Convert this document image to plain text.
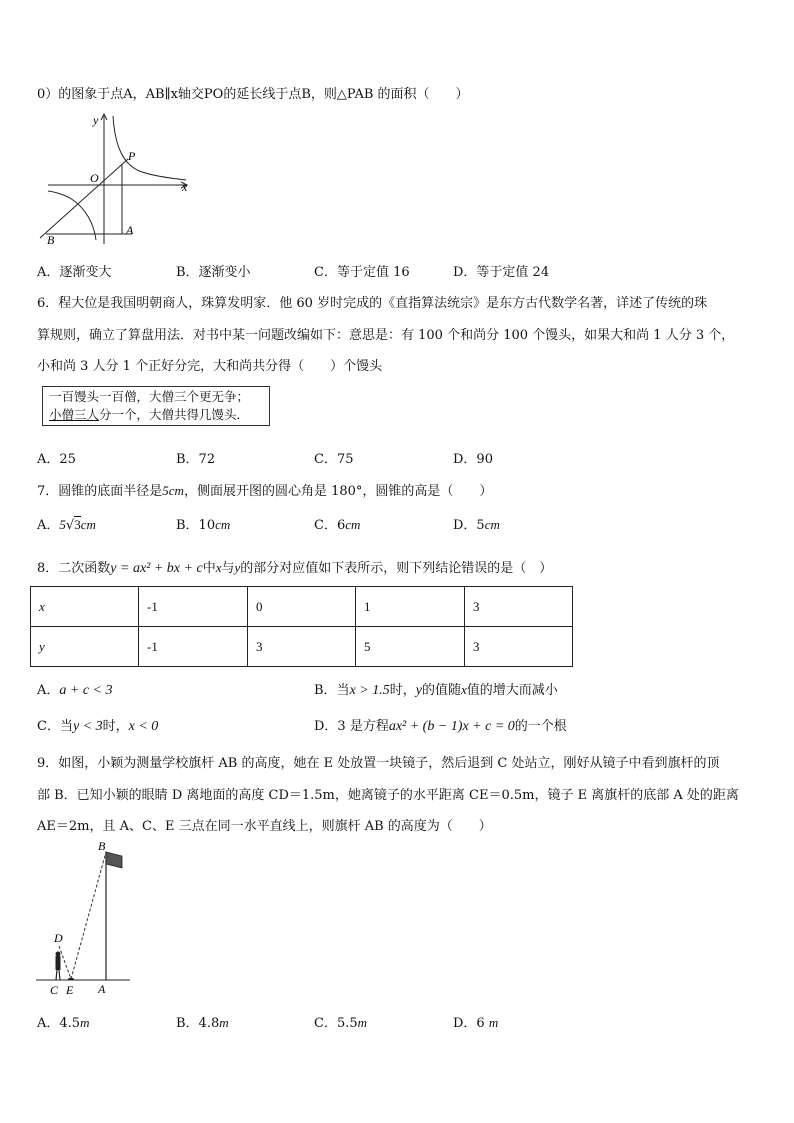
0）的图象于点A，AB∥x轴交PO的延长线于点B，则△PAB 的面积（　　）
y
x
O
P
A
B
A．逐渐变大	B．逐渐变小	C．等于定值 16	D．等于定值 24
6．程大位是我国明朝商人，珠算发明家．他 60 岁时完成的《直指算法统宗》是东方古代数学名著，详述了传统的珠
算规则，确立了算盘用法．对书中某一问题改编如下：意思是：有 100 个和尚分 100 个馒头，如果大和尚 1 人分 3 个，
小和尚 3 人分 1 个正好分完，大和尚共分得（　　）个馒头
一百馒头一百僧，大僧三个更无争；
小僧三人分一个，大僧共得几馒头．
A．25	B．72	C．75	D．90
7．圆锥的底面半径是5cm，侧面展开图的圆心角是 180°，圆锥的高是（　　）
A．5√3cm	B．10cm	C．6cm	D．5cm
8．二次函数y = ax² + bx + c中x与y的部分对应值如下表所示，则下列结论错误的是（　）
x	-1	0	1	3
y	-1	3	5	3
A．a + c < 3	B．当x > 1.5时，y的值随x值的增大而减小
C．当y < 3时，x < 0	D．3 是方程ax² + (b − 1)x + c = 0的一个根
9．如图，小颖为测量学校旗杆 AB 的高度，她在 E 处放置一块镜子，然后退到 C 处站立，刚好从镜子中看到旗杆的顶
部 B．已知小颖的眼睛 D 离地面的高度 CD＝1.5m，她离镜子的水平距离 CE＝0.5m，镜子 E 离旗杆的底部 A 处的距离
AE＝2m，且 A、C、E 三点在同一水平直线上，则旗杆 AB 的高度为（　　）
B
D
C E A
A．4.5m	B．4.8m	C．5.5m	D．6 m
